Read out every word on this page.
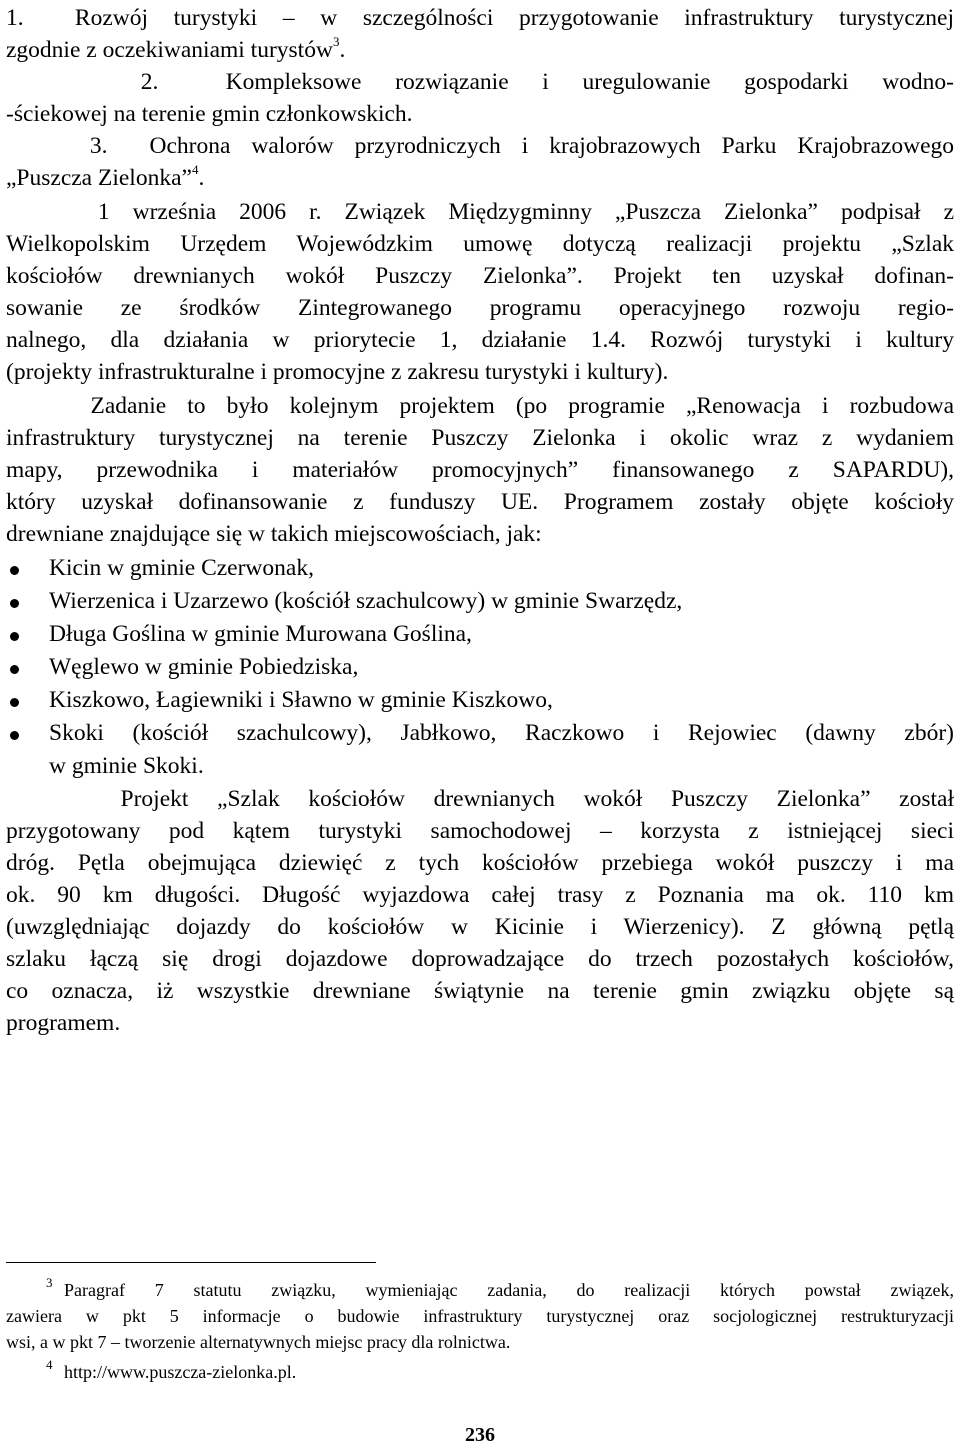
1.  Rozwój turystyki – w szczególności przygotowanie infrastruktury turystycznej
zgodnie z oczekiwaniami turystów$^3$.
2.  Kompleksowe rozwiązanie i uregulowanie gospodarki wodno-
-ściekowej na terenie gmin członkowskich.
3.  Ochrona walorów przyrodniczych i krajobrazowych Parku Krajobrazowego
„Puszcza Zielonka”$^4$.
1 września 2006 r. Związek Międzygminny „Puszcza Zielonka” podpisał z
Wielkopolskim Urzędem Wojewódzkim umowę dotyczą realizacji projektu „Szlak
kościołów drewnianych wokół Puszczy Zielonka”. Projekt ten uzyskał dofinan-
sowanie ze środków Zintegrowanego programu operacyjnego rozwoju regio-
nalnego, dla działania w priorytecie 1, działanie 1.4. Rozwój turystyki i kultury
(projekty infrastrukturalne i promocyjne z zakresu turystyki i kultury).
Zadanie to było kolejnym projektem (po programie „Renowacja i rozbudowa
infrastruktury turystycznej na terenie Puszczy Zielonka i okolic wraz z wydaniem
mapy, przewodnika i materiałów promocyjnych” finansowanego z SAPARDU),
który uzyskał dofinansowanie z funduszy UE. Programem zostały objęte kościoły
drewniane znajdujące się w takich miejscowościach, jak:
Kicin w gminie Czerwonak,
Wierzenica i Uzarzewo (kościół szachulcowy) w gminie Swarzędz,
Długa Goślina w gminie Murowana Goślina,
Węglewo w gminie Pobiedziska,
Kiszkowo, Łagiewniki i Sławno w gminie Kiszkowo,
Skoki (kościół szachulcowy), Jabłkowo, Raczkowo i Rejowiec (dawny zbór)
w gminie Skoki.
Projekt „Szlak kościołów drewnianych wokół Puszczy Zielonka” został
przygotowany pod kątem turystyki samochodowej – korzysta z istniejącej sieci
dróg. Pętla obejmująca dziewięć z tych kościołów przebiega wokół puszczy i ma
ok. 90 km długości. Długość wyjazdowa całej trasy z Poznania ma ok. 110 km
(uwzględniając dojazdy do kościołów w Kicinie i Wierzenicy). Z główną pętlą
szlaku łączą się drogi dojazdowe doprowadzające do trzech pozostałych kościołów,
co oznacza, iż wszystkie drewniane świątynie na terenie gmin związku objęte są
programem.
$^3$ Paragraf 7 statutu związku, wymieniając zadania, do realizacji których powstał związek,
zawiera w pkt 5 informacje o budowie infrastruktury turystycznej oraz socjologicznej restrukturyzacji
wsi, a w pkt 7 – tworzenie alternatywnych miejsc pracy dla rolnictwa.
$^4$ http://www.puszcza-zielonka.pl.
236
